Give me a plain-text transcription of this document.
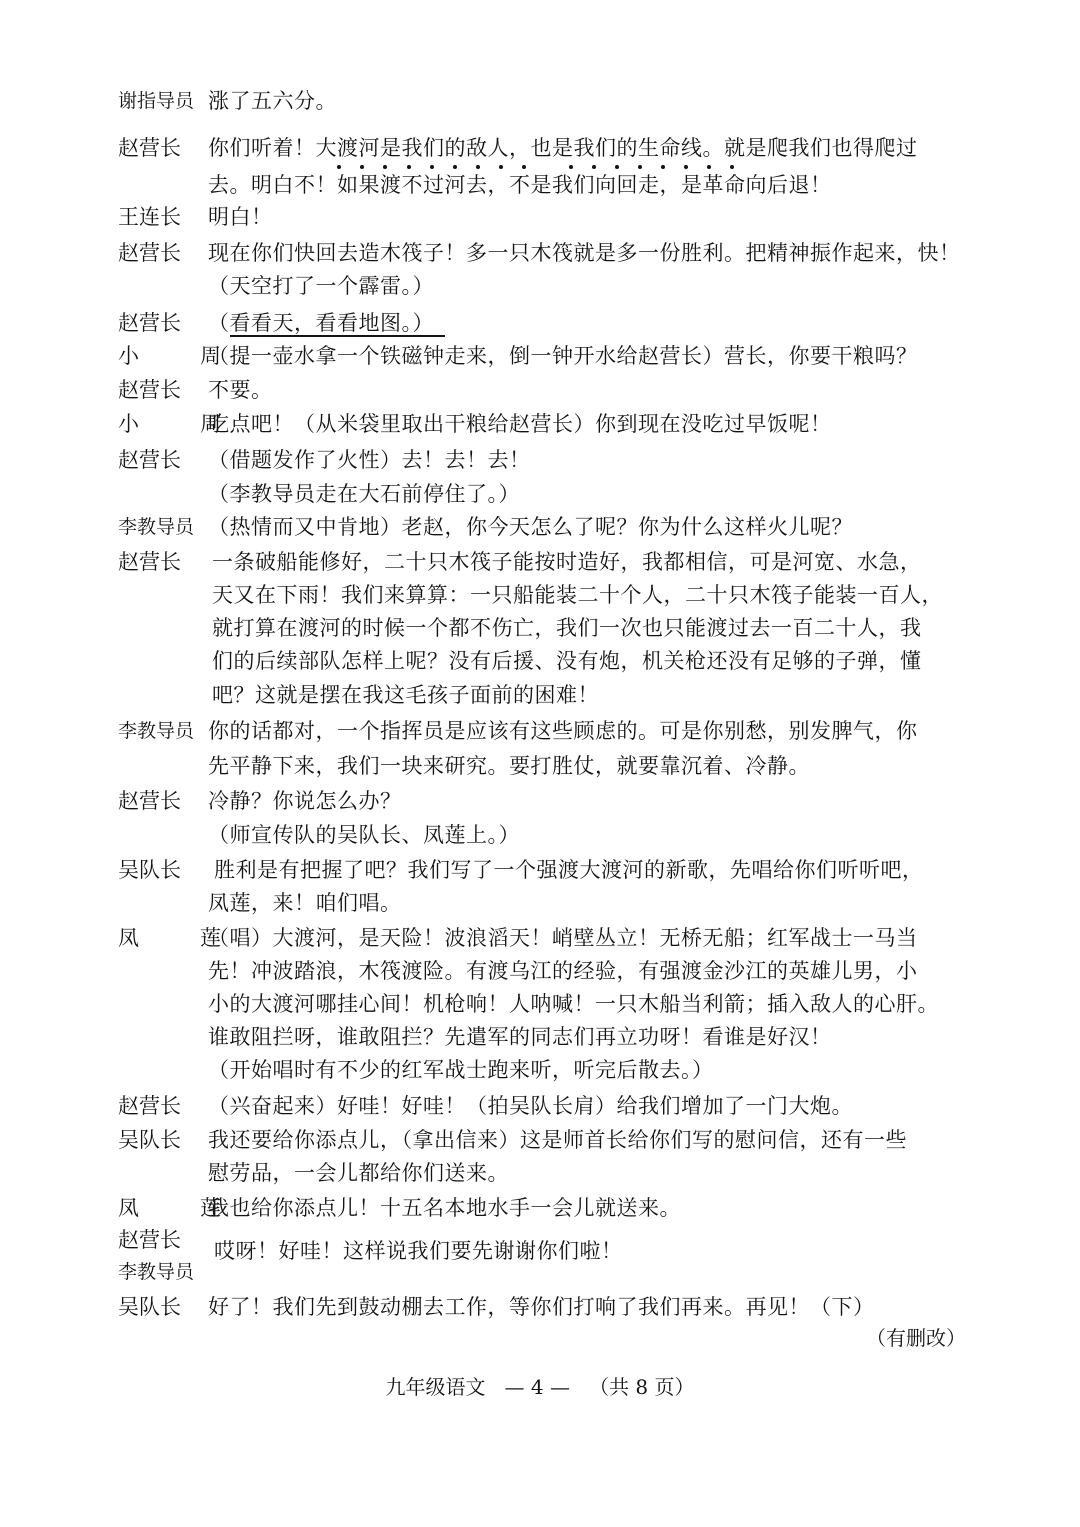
谢指导员 涨了五六分。
赵营长 你们听着！大渡河是我们的敌人，也是我们的生命线。就是爬我们也得爬过
去。明白不！如果渡不过河去，不是我们向回走，是革命向后退！
王连长 明白！
赵营长 现在你们快回去造木筏子！多一只木筏就是多一份胜利。把精神振作起来，快！
（天空打了一个霹雷。）
赵营长 （看看天，看看地图。）
小　周
（提一壶水拿一个铁磁钟走来，倒一钟开水给赵营长）营长，你要干粮吗？
赵营长 不要。
小　周
吃点吧！（从米袋里取出干粮给赵营长）你到现在没吃过早饭呢！
赵营长 （借题发作了火性）去！去！去！
（李教导员走在大石前停住了。）
李教导员 （热情而又中肯地）老赵，你今天怎么了呢？你为什么这样火儿呢？
赵营长 一条破船能修好，二十只木筏子能按时造好，我都相信，可是河宽、水急，
天又在下雨！我们来算算：一只船能装二十个人，二十只木筏子能装一百人，
就打算在渡河的时候一个都不伤亡，我们一次也只能渡过去一百二十人，我
们的后续部队怎样上呢？没有后援、没有炮，机关枪还没有足够的子弹，懂
吧？这就是摆在我这毛孩子面前的困难！
李教导员 你的话都对，一个指挥员是应该有这些顾虑的。可是你别愁，别发脾气，你
先平静下来，我们一块来研究。要打胜仗，就要靠沉着、冷静。
赵营长 冷静？你说怎么办？
（师宣传队的吴队长、凤莲上。）
吴队长 胜利是有把握了吧？我们写了一个强渡大渡河的新歌，先唱给你们听听吧，
凤莲，来！咱们唱。
凤　莲
（唱）大渡河，是天险！波浪滔天！峭壁丛立！无桥无船；红军战士一马当
先！冲波踏浪，木筏渡险。有渡乌江的经验，有强渡金沙江的英雄儿男，小
小的大渡河哪挂心间！机枪响！人呐喊！一只木船当利箭；插入敌人的心肝。
谁敢阻拦呀，谁敢阻拦？先遣军的同志们再立功呀！看谁是好汉！
（开始唱时有不少的红军战士跑来听，听完后散去。）
赵营长 （兴奋起来）好哇！好哇！（拍吴队长肩）给我们增加了一门大炮。
吴队长 我还要给你添点儿，（拿出信来）这是师首长给你们写的慰问信，还有一些
慰劳品，一会儿都给你们送来。
凤　莲
我也给你添点儿！十五名本地水手一会儿就送来。
赵营长
李教导员
哎呀！好哇！这样说我们要先谢谢你们啦！
吴队长 好了！我们先到鼓动棚去工作，等你们打响了我们再来。再见！（下）
（有删改）
九年级语文 — 4 — （共 8 页）
